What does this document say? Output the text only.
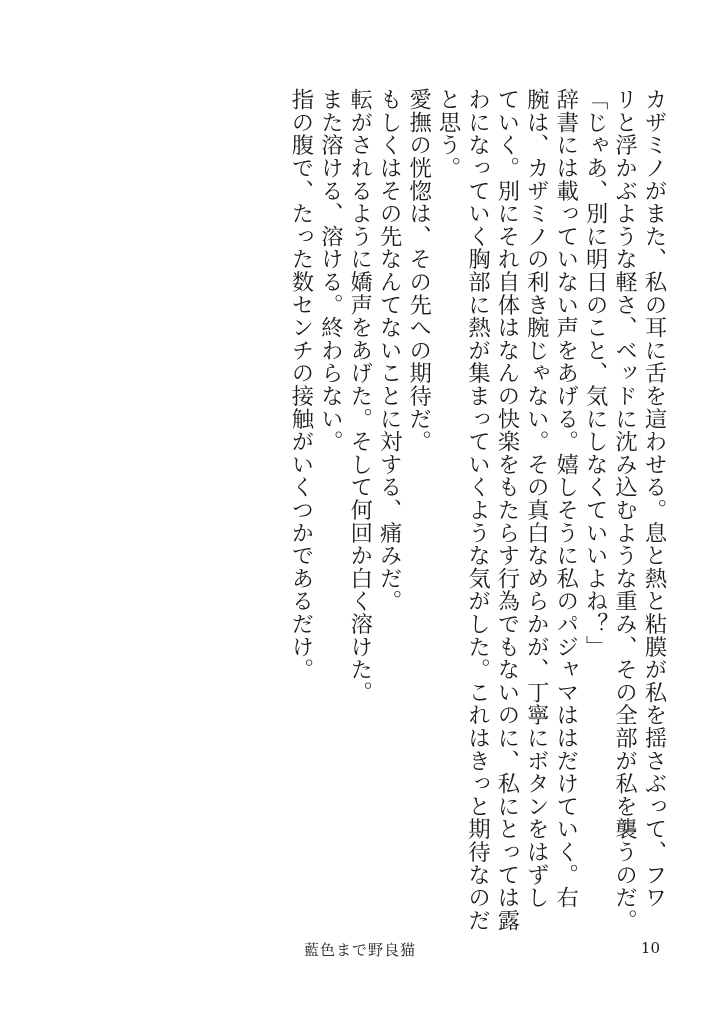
カザミノがまた、私の耳に舌を這わせる。息と熱と粘膜が私を揺さぶって、フワ
リと浮かぶような軽さ、ベッドに沈み込むような重み、その全部が私を襲うのだ。
「じゃあ、別に明日のこと、気にしなくていいよね？」
辞書には載っていない声をあげる。嬉しそうに私のパジャマははだけていく。右
腕は、カザミノの利き腕じゃない。その真白なめらかが、丁寧にボタンをはずし
ていく。別にそれ自体はなんの快楽をもたらす行為でもないのに、私にとっては露
わになっていく胸部に熱が集まっていくような気がした。これはきっと期待なのだ
と思う。
愛撫の恍惚は、その先への期待だ。
もしくはその先なんてないことに対する、痛みだ。
転がされるように嬌声をあげた。そして何回か白く溶けた。
また溶ける、溶ける。終わらない。
指の腹で、たった数センチの接触がいくつかであるだけ。
藍色まで野良猫	10
